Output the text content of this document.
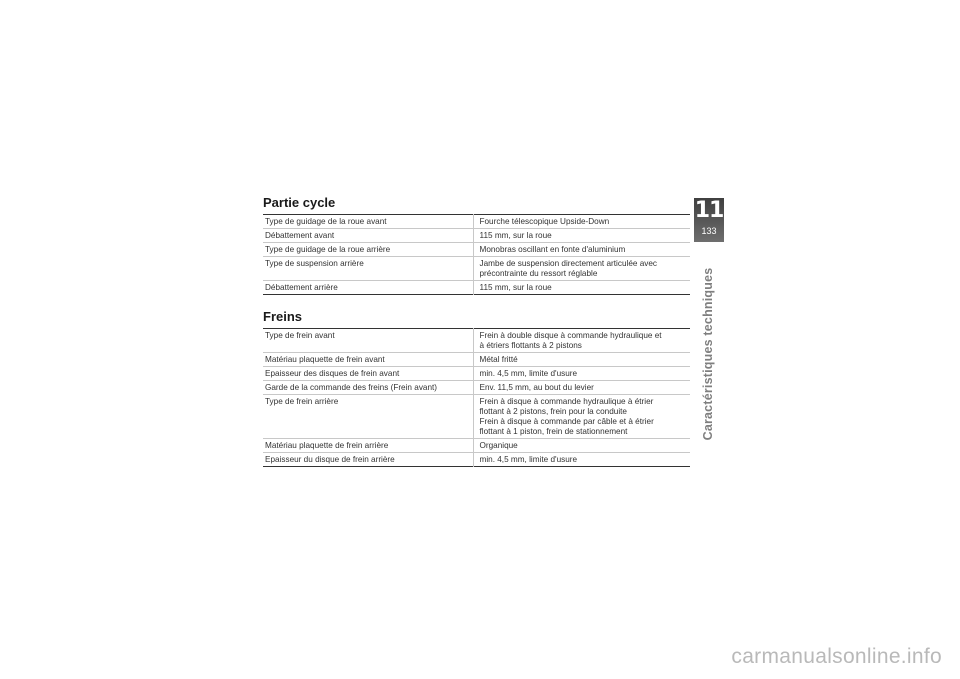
Partie cycle
Type de guidage de la roue avant	Fourche télescopique Upside-Down

Débattement avant	115 mm, sur la roue

Type de guidage de la roue arrière	Monobras oscillant en fonte d'aluminium

Type de suspension arrière	Jambe de suspension directement articulée avec
précontrainte du ressort réglable

Débattement arrière	115 mm, sur la roue
Freins
Type de frein avant	Frein à double disque à commande hydraulique et
à étriers flottants à 2 pistons

Matériau plaquette de frein avant	Métal fritté

Epaisseur des disques de frein avant	min. 4,5 mm, limite d'usure

Garde de la commande des freins (Frein avant)	Env. 11,5 mm, au bout du levier

Type de frein arrière	Frein à disque à commande hydraulique à étrier
flottant à 2 pistons, frein pour la conduite
Frein à disque à commande par câble et à étrier
flottant à 1 piston, frein de stationnement

Matériau plaquette de frein arrière	Organique

Epaisseur du disque de frein arrière	min. 4,5 mm, limite d'usure
11
133
Caractéristiques techniques
carmanualsonline.info
